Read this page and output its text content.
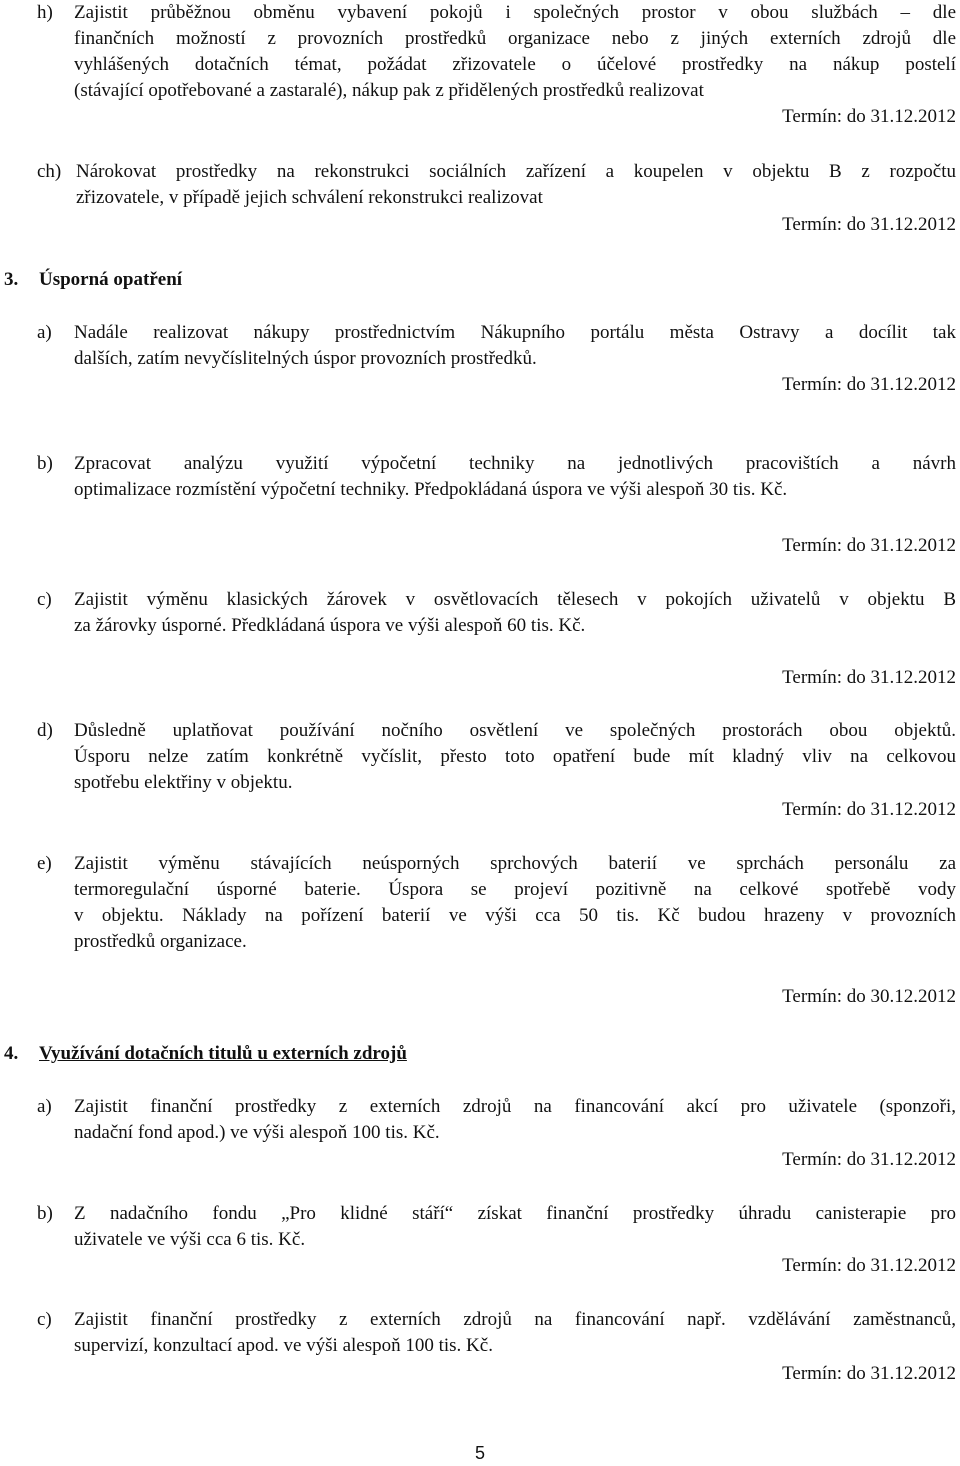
h) Zajistit průběžnou obměnu vybavení pokojů i společných prostor v obou službách – dle
finančních možností z provozních prostředků organizace nebo z jiných externích zdrojů dle
vyhlášených dotačních témat, požádat zřizovatele o účelové prostředky na nákup postelí
(stávající opotřebované a zastaralé), nákup pak z přidělených prostředků realizovat
Termín: do 31.12.2012
ch) Nárokovat prostředky na rekonstrukci sociálních zařízení a koupelen v objektu B z rozpočtu
zřizovatele, v případě jejich schválení rekonstrukci realizovat
Termín: do 31.12.2012
a) Nadále realizovat nákupy prostřednictvím Nákupního portálu města Ostravy a docílit tak
dalších, zatím nevyčíslitelných úspor provozních prostředků.
Termín: do 31.12.2012
b) Zpracovat analýzu využití výpočetní techniky na jednotlivých pracovištích a návrh
optimalizace rozmístění výpočetní techniky. Předpokládaná úspora ve výši alespoň 30 tis. Kč.
Termín: do 31.12.2012
c) Zajistit výměnu klasických žárovek v osvětlovacích tělesech v pokojích uživatelů v objektu B
za žárovky úsporné. Předkládaná úspora ve výši alespoň 60 tis. Kč.
Termín: do 31.12.2012
d) Důsledně uplatňovat používání nočního osvětlení ve společných prostorách obou objektů.
Úsporu nelze zatím konkrétně vyčíslit, přesto toto opatření bude mít kladný vliv na celkovou
spotřebu elektřiny v objektu.
Termín: do 31.12.2012
e) Zajistit výměnu stávajících neúsporných sprchových baterií ve sprchách personálu za
termoregulační úsporné baterie. Úspora se projeví pozitivně na celkové spotřebě vody
v objektu. Náklady na pořízení baterií ve výši cca 50 tis. Kč budou hrazeny v provozních
prostředků organizace.
Termín: do 30.12.2012
a) Zajistit finanční prostředky z externích zdrojů na financování akcí pro uživatele (sponzoři,
nadační fond apod.) ve výši alespoň 100 tis. Kč.
Termín: do 31.12.2012
b) Z nadačního fondu „Pro klidné stáří“ získat finanční prostředky úhradu canisterapie pro
uživatele ve výši cca 6 tis. Kč.
Termín: do 31.12.2012
c) Zajistit finanční prostředky z externích zdrojů na financování např. vzdělávání zaměstnanců,
supervizí, konzultací apod. ve výši alespoň 100 tis. Kč.
Termín: do 31.12.2012
3. Úsporná opatření
4. Využívání dotačních titulů u externích zdrojů
5
